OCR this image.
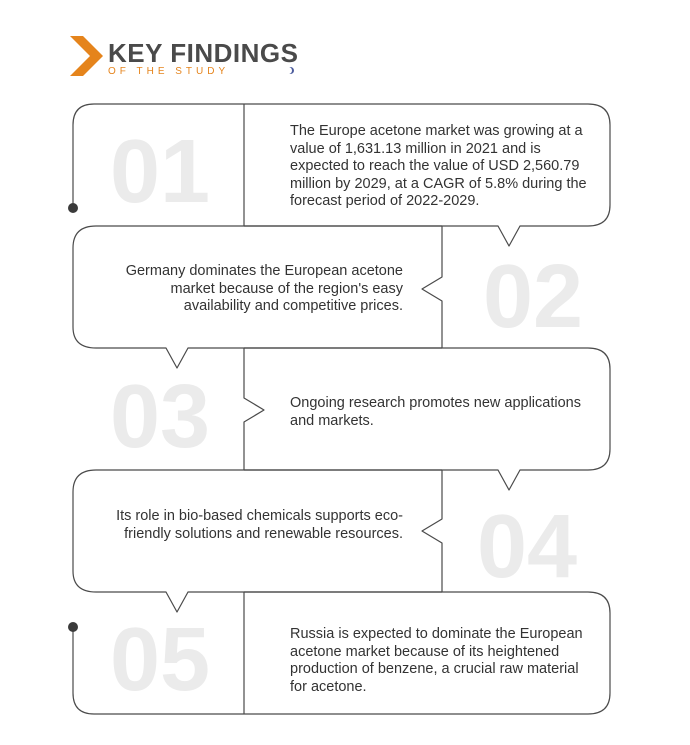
KEY FINDINGS
OF THE STUDY
01
02
03
04
05
The Europe acetone market was growing at a value of 1,631.13 million in 2021 and is expected to reach the value of USD 2,560.79 million by 2029, at a CAGR of 5.8% during the forecast period of 2022-2029.
Germany dominates the European acetone market because of the region's easy availability and competitive prices.
Ongoing research promotes new applications and markets.
Its role in bio-based chemicals supports eco-friendly solutions and renewable resources.
Russia is expected to dominate the European acetone market because of its heightened production of benzene, a crucial raw material for acetone.
